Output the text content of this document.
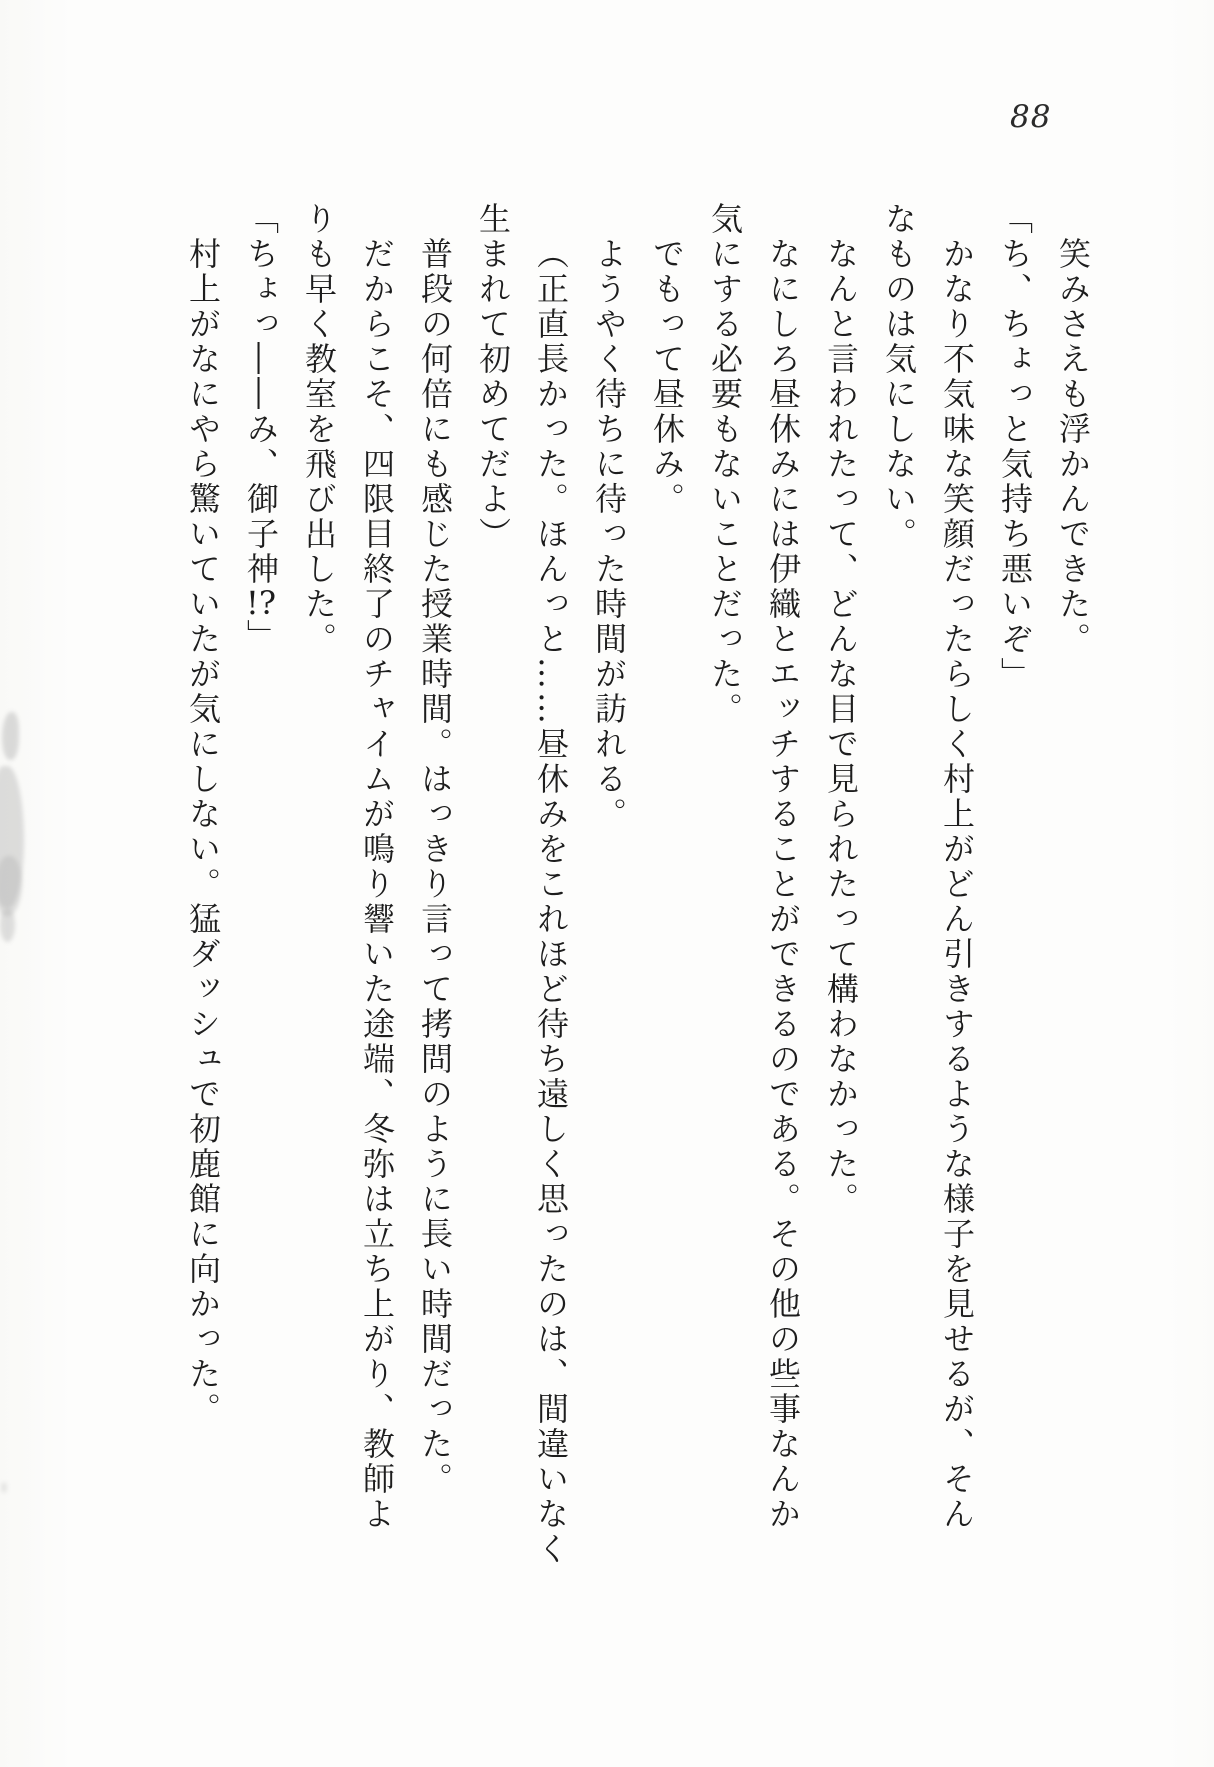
88

笑みさえも浮かんできた。

「ち、ちょっと気持ち悪いぞ」

かなり不気味な笑顔だったらしく村上がどん引きするような様子を見せるが、そん

なものは気にしない。

なんと言われたって、どんな目で見られたって構わなかった。

なにしろ昼休みには伊織とエッチすることができるのである。その他の些事なんか

気にする必要もないことだった。

でもって昼休み。

ようやく待ちに待った時間が訪れる。

（正直長かった。ほんっと……昼休みをこれほど待ち遠しく思ったのは、間違いなく

生まれて初めてだよ）

普段の何倍にも感じた授業時間。はっきり言って拷問のように長い時間だった。

だからこそ、四限目終了のチャイムが鳴り響いた途端、冬弥は立ち上がり、教師よ

りも早く教室を飛び出した。

「ちょっ――み、御子神!?」

村上がなにやら驚いていたが気にしない。猛ダッシュで初鹿館に向かった。
